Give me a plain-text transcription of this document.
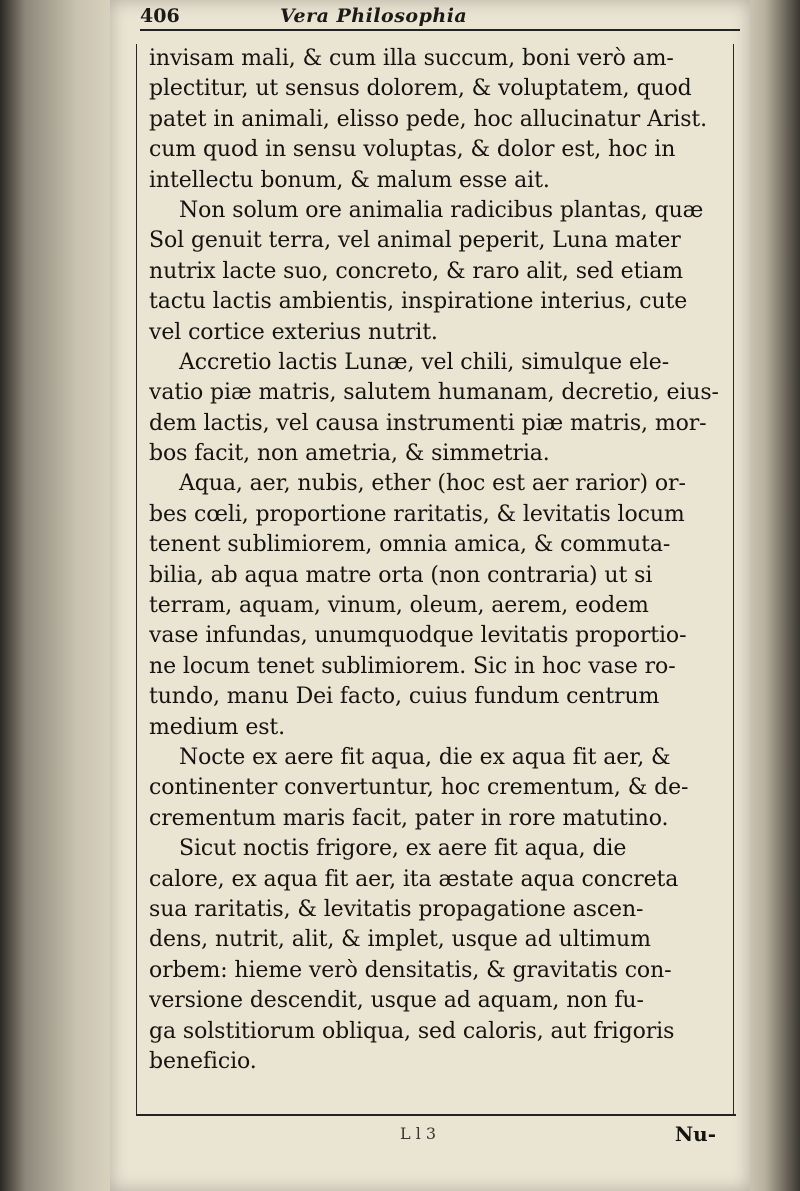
406	Vera Philosophia
invisam mali, & cum illa succum, boni verò am-
plectitur, ut sensus dolorem, & voluptatem, quod
patet in animali, elisso pede, hoc allucinatur Arist.
cum quod in sensu voluptas, & dolor est, hoc in
intellectu bonum, & malum esse ait.
Non solum ore animalia radicibus plantas, quæ
Sol genuit terra, vel animal peperit, Luna mater
nutrix lacte suo, concreto, & raro alit, sed etiam
tactu lactis ambientis, inspiratione interius, cute
vel cortice exterius nutrit.
Accretio lactis Lunæ, vel chili, simulque ele-
vatio piæ matris, salutem humanam, decretio, eius-
dem lactis, vel causa instrumenti piæ matris, mor-
bos facit, non ametria, & simmetria.
Aqua, aer, nubis, ether (hoc est aer rarior) or-
bes cœli, proportione raritatis, & levitatis locum
tenent sublimiorem, omnia amica, & commuta-
bilia, ab aqua matre orta (non contraria) ut si
terram, aquam, vinum, oleum, aerem, eodem
vase infundas, unumquodque levitatis proportio-
ne locum tenet sublimiorem. Sic in hoc vase ro-
tundo, manu Dei facto, cuius fundum centrum
medium est.
Nocte ex aere fit aqua, die ex aqua fit aer, &
continenter convertuntur, hoc crementum, & de-
crementum maris facit, pater in rore matutino.
Sicut noctis frigore, ex aere fit aqua, die
calore, ex aqua fit aer, ita æstate aqua concreta
sua raritatis, & levitatis propagatione ascen-
dens, nutrit, alit, & implet, usque ad ultimum
orbem: hieme verò densitatis, & gravitatis con-
versione descendit, usque ad aquam, non fu-
ga solstitiorum obliqua, sed caloris, aut frigoris
beneficio.
L l 3	Nu-
